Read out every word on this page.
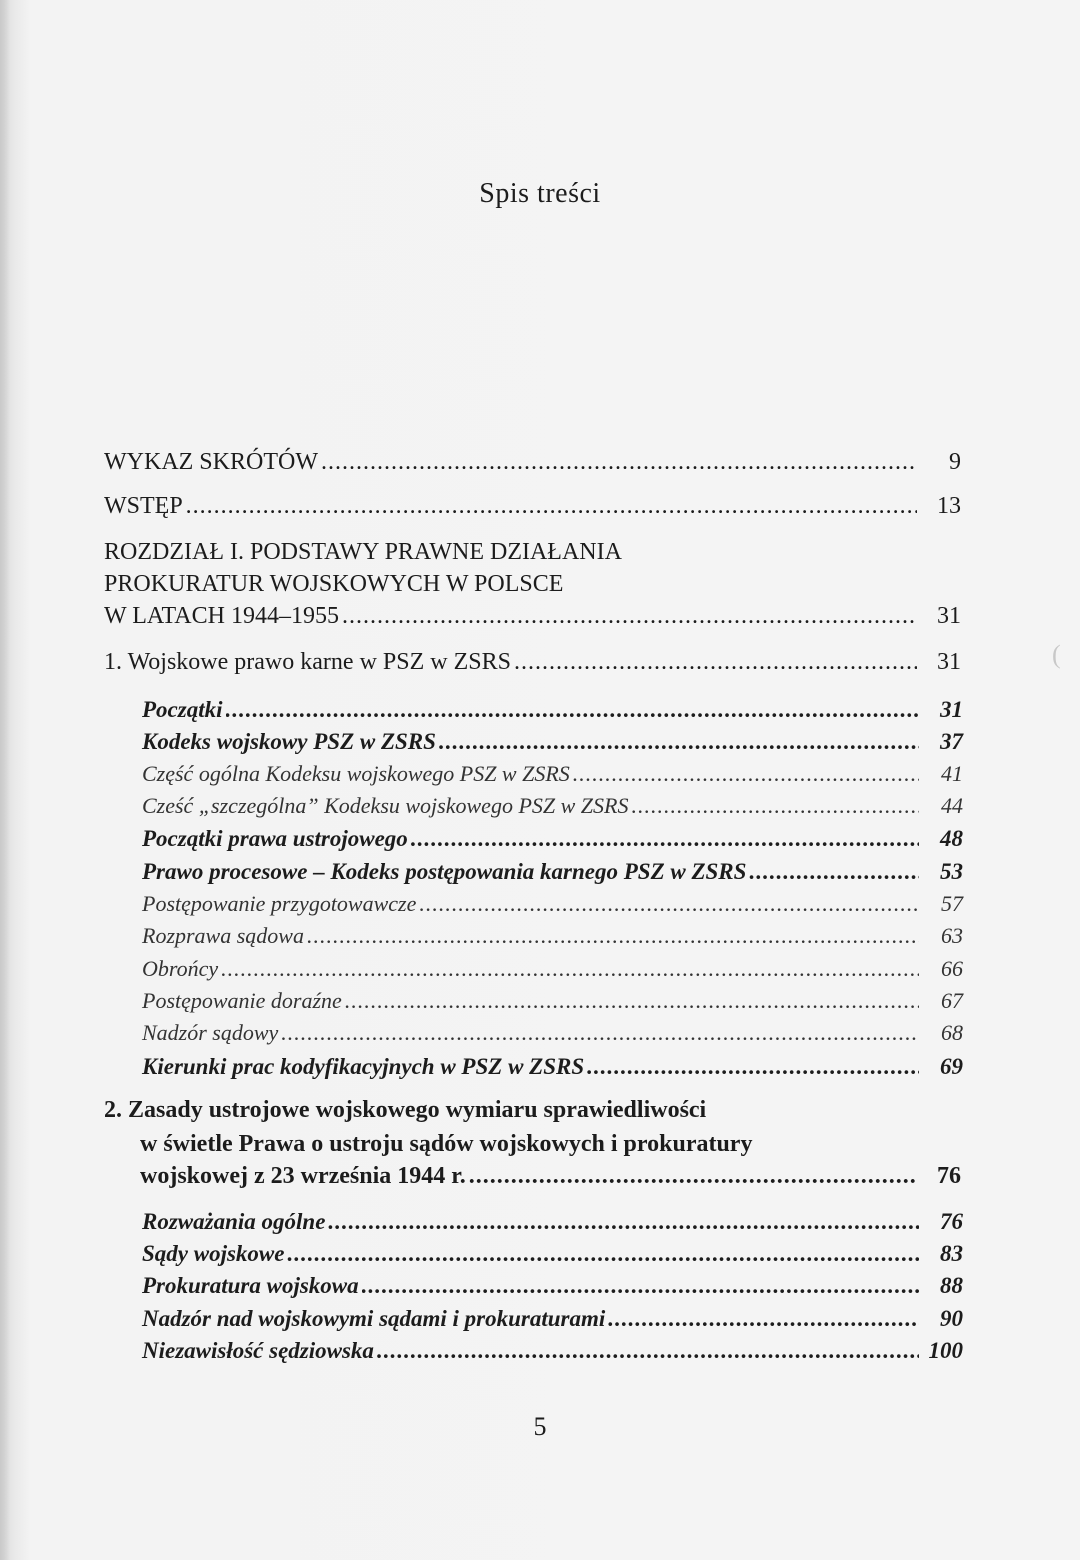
Spis treści
WYKAZ SKRÓTÓW .....	9
WSTĘP .....	13
ROZDZIAŁ I. PODSTAWY PRAWNE DZIAŁANIA
PROKURATUR WOJSKOWYCH W POLSCE
W LATACH 1944–1955 .....	31
1. Wojskowe prawo karne w PSZ w ZSRS .....	31
Początki .....	31
Kodeks wojskowy PSZ w ZSRS .....	37
Część ogólna Kodeksu wojskowego PSZ w ZSRS .....	41
Cześć „szczególna” Kodeksu wojskowego PSZ w ZSRS .....	44
Początki prawa ustrojowego .....	48
Prawo procesowe – Kodeks postępowania karnego PSZ w ZSRS .....	53
Postępowanie przygotowawcze .....	57
Rozprawa sądowa .....	63
Obrońcy .....	66
Postępowanie doraźne .....	67
Nadzór sądowy .....	68
Kierunki prac kodyfikacyjnych w PSZ w ZSRS .....	69
2. Zasady ustrojowe wojskowego wymiaru sprawiedliwości
w świetle Prawa o ustroju sądów wojskowych i prokuratury
wojskowej z 23 września 1944 r. .....	76
Rozważania ogólne .....	76
Sądy wojskowe .....	83
Prokuratura wojskowa .....	88
Nadzór nad wojskowymi sądami i prokuraturami .....	90
Niezawisłość sędziowska .....	100
(
5
